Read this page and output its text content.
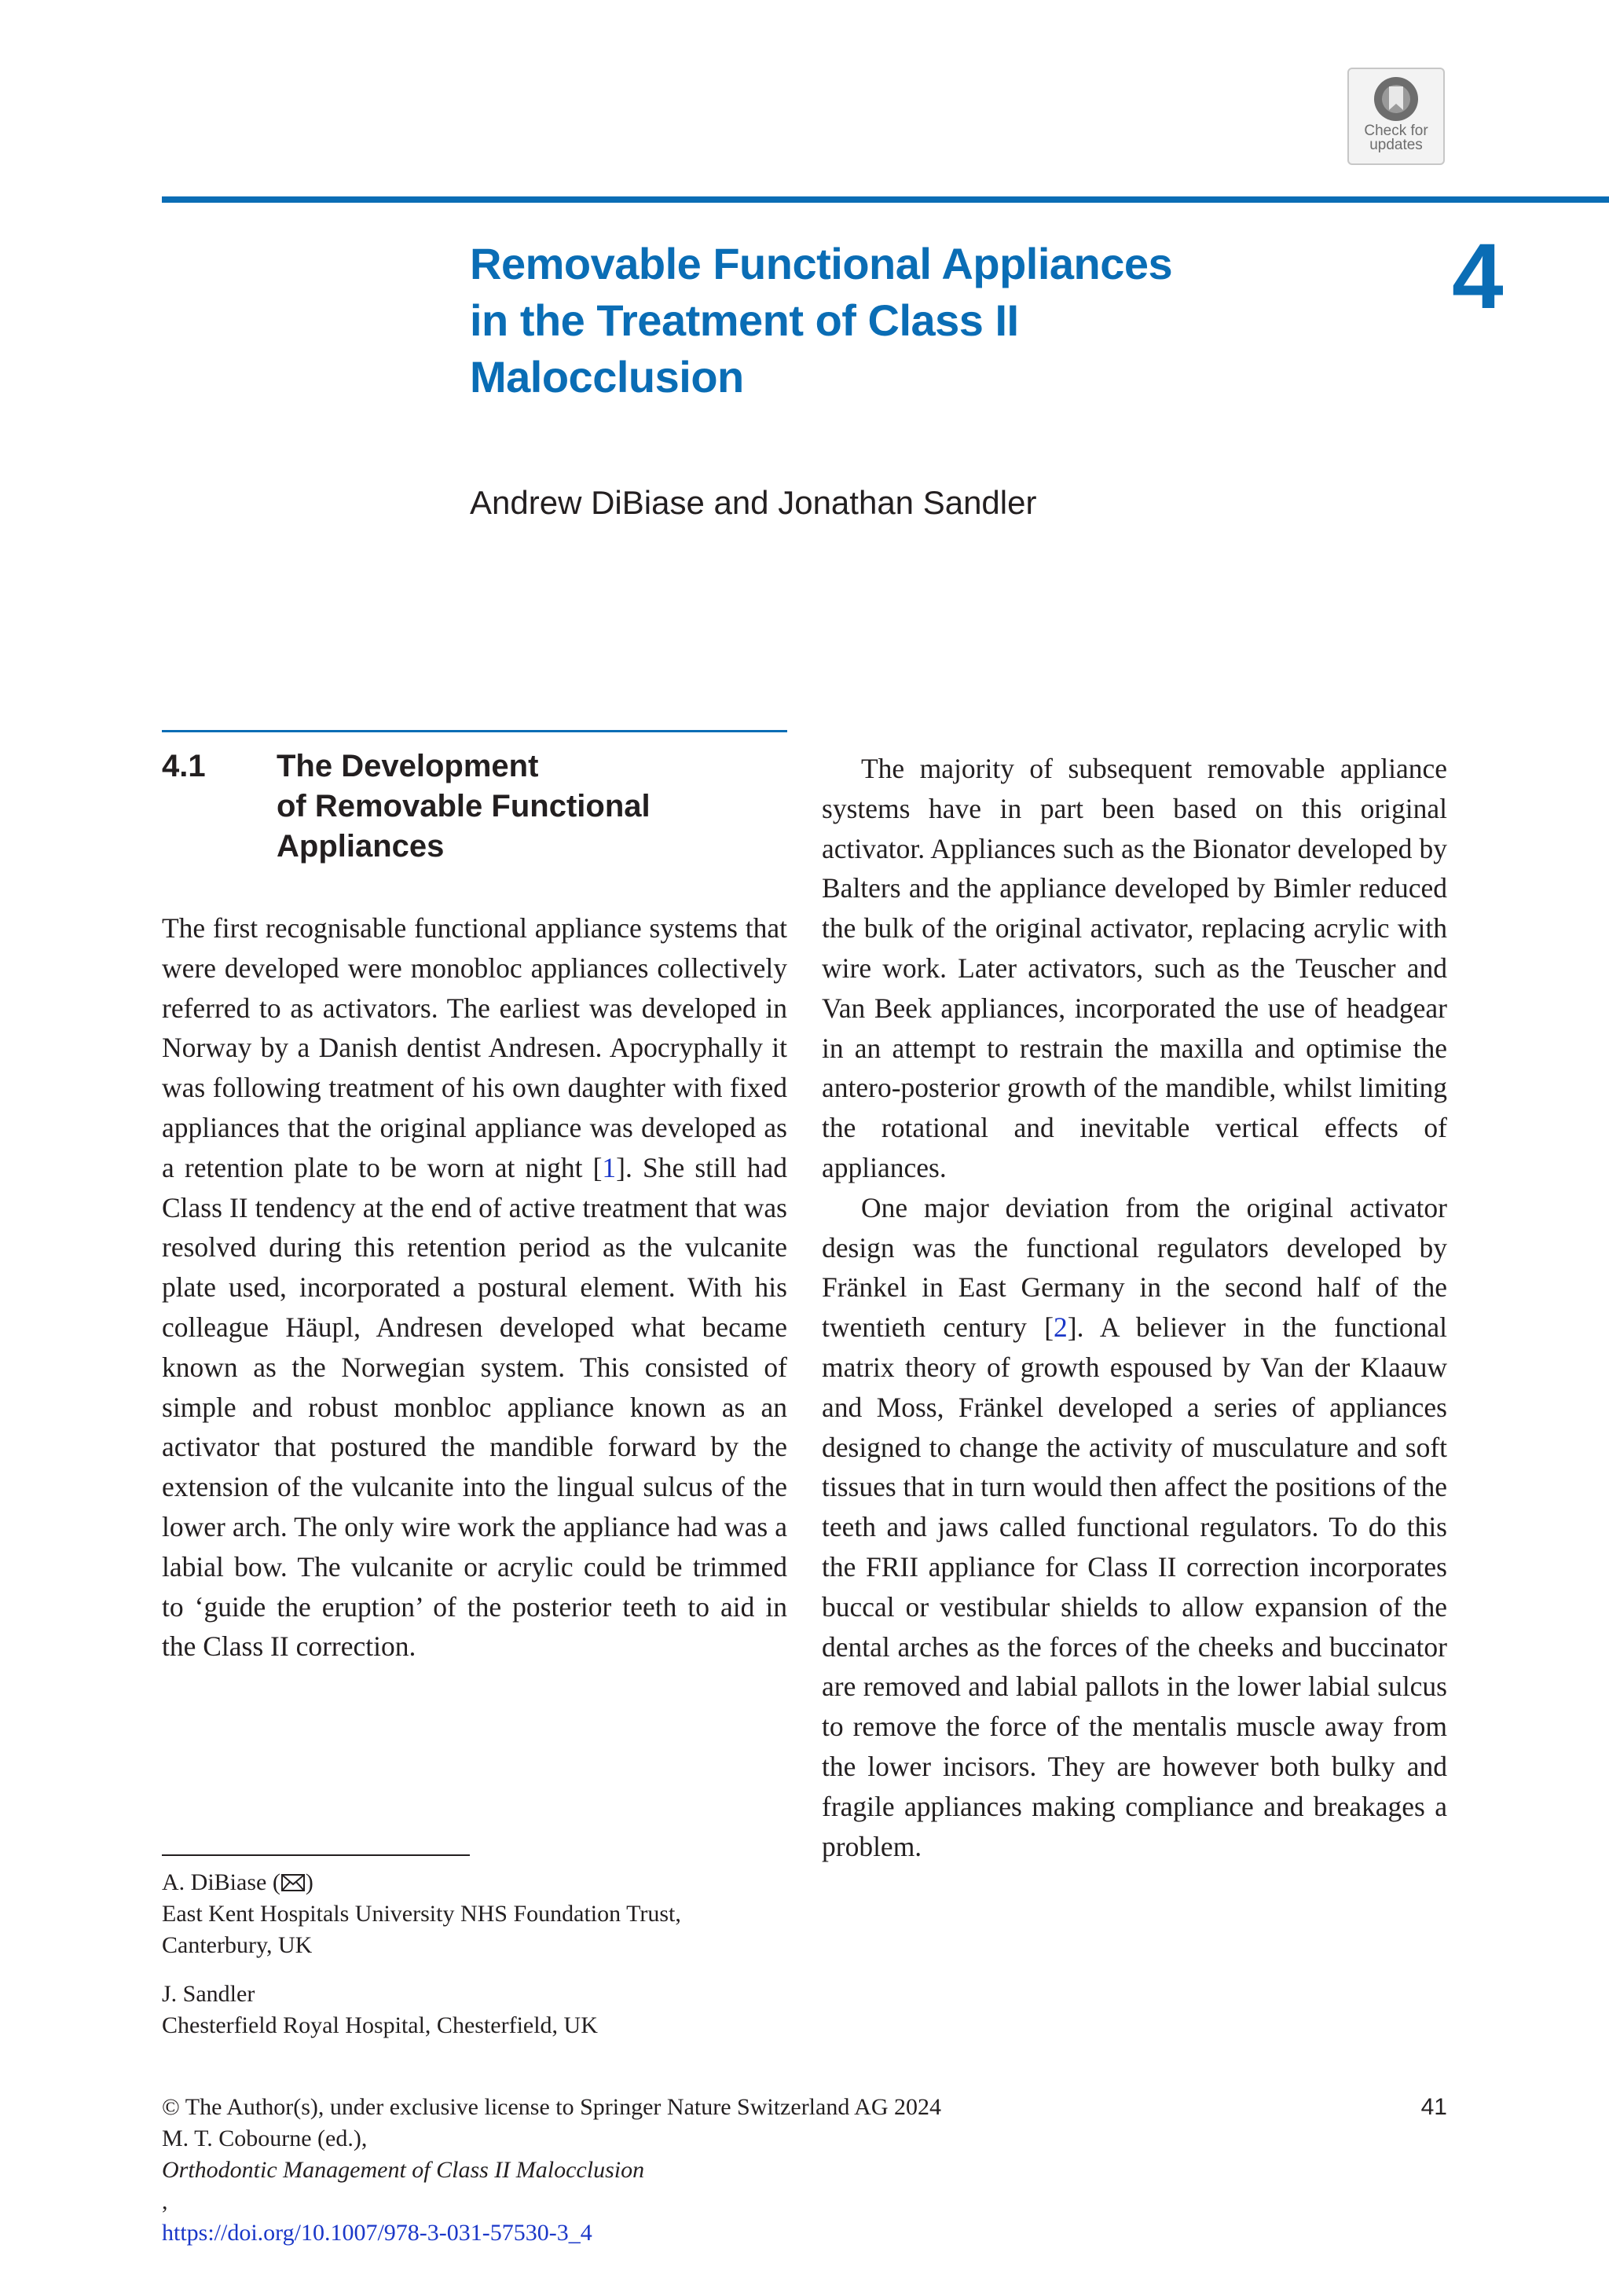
Check for updates
Removable Functional Appliances
in the Treatment of Class II
Malocclusion
4
Andrew DiBiase and Jonathan Sandler
4.1 The Development
of Removable Functional
Appliances

The first recognisable functional appliance systems that were developed were monobloc appliances collectively referred to as activators. The earliest was developed in Norway by a Danish dentist Andresen. Apocryphally it was following treatment of his own daughter with fixed appliances that the original appliance was developed as a retention plate to be worn at night [1]. She still had Class II tendency at the end of active treatment that was resolved during this retention period as the vulcanite plate used, incorporated a postural element. With his colleague Häupl, Andresen developed what became known as the Norwegian system. This consisted of simple and robust monbloc appliance known as an activator that postured the mandible forward by the extension of the vulcanite into the lingual sulcus of the lower arch. The only wire work the appliance had was a labial bow. The vulcanite or acrylic could be trimmed to ‘guide the eruption’ of the posterior teeth to aid in the Class II correction.

The majority of subsequent removable appliance systems have in part been based on this original activator. Appliances such as the Bionator developed by Balters and the appliance developed by Bimler reduced the bulk of the original activator, replacing acrylic with wire work. Later activators, such as the Teuscher and Van Beek appliances, incorporated the use of headgear in an attempt to restrain the maxilla and optimise the antero-posterior growth of the mandible, whilst limiting the rotational and inevitable vertical effects of appliances.

One major deviation from the original activator design was the functional regulators developed by Fränkel in East Germany in the second half of the twentieth century [2]. A believer in the functional matrix theory of growth espoused by Van der Klaauw and Moss, Fränkel developed a series of appliances designed to change the activity of musculature and soft tissues that in turn would then affect the positions of the teeth and jaws called functional regulators. To do this the FRII appliance for Class II correction incorporates buccal or vestibular shields to allow expansion of the dental arches as the forces of the cheeks and buccinator are removed and labial pallots in the lower labial sulcus to remove the force of the mentalis muscle away from the lower incisors. They are however both bulky and fragile appliances making compliance and breakages a problem.

A. DiBiase ( )
East Kent Hospitals University NHS Foundation Trust,
Canterbury, UK
J. Sandler
Chesterfield Royal Hospital, Chesterfield, UK
© The Author(s), under exclusive license to Springer Nature Switzerland AG 2024
M. T. Cobourne (ed.),
Orthodontic Management of Class II Malocclusion
,
https://doi.org/10.1007/978-3-031-57530-3_4
41
